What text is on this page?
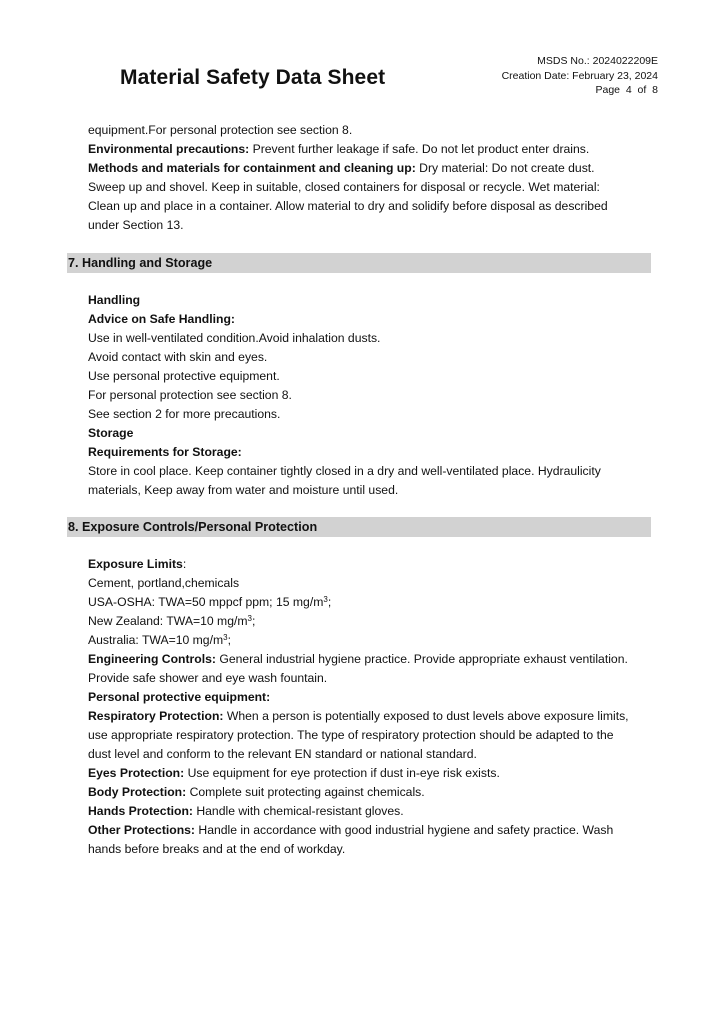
Material Safety Data Sheet
MSDS No.: 2024022209E
Creation Date: February 23, 2024
Page 4 of 8
equipment.For personal protection see section 8.
Environmental precautions: Prevent further leakage if safe. Do not let product enter drains.
Methods and materials for containment and cleaning up: Dry material: Do not create dust.
Sweep up and shovel. Keep in suitable, closed containers for disposal or recycle. Wet material:
Clean up and place in a container. Allow material to dry and solidify before disposal as described
under Section 13.
7. Handling and Storage
Handling
Advice on Safe Handling:
Use in well-ventilated condition.Avoid inhalation dusts.
Avoid contact with skin and eyes.
Use personal protective equipment.
For personal protection see section 8.
See section 2 for more precautions.
Storage
Requirements for Storage:
Store in cool place. Keep container tightly closed in a dry and well-ventilated place. Hydraulicity
materials, Keep away from water and moisture until used.
8. Exposure Controls/Personal Protection
Exposure Limits:
Cement, portland,chemicals
USA-OSHA: TWA=50 mppcf ppm; 15 $mg/m^3$;
New Zealand: TWA=10 $mg/m^3$;
Australia: TWA=10 $mg/m^3$;
Engineering Controls: General industrial hygiene practice. Provide appropriate exhaust ventilation.
Provide safe shower and eye wash fountain.
Personal protective equipment:
Respiratory Protection: When a person is potentially exposed to dust levels above exposure limits,
use appropriate respiratory protection. The type of respiratory protection should be adapted to the
dust level and conform to the relevant EN standard or national standard.
Eyes Protection: Use equipment for eye protection if dust in-eye risk exists.
Body Protection: Complete suit protecting against chemicals.
Hands Protection: Handle with chemical-resistant gloves.
Other Protections: Handle in accordance with good industrial hygiene and safety practice. Wash
hands before breaks and at the end of workday.
